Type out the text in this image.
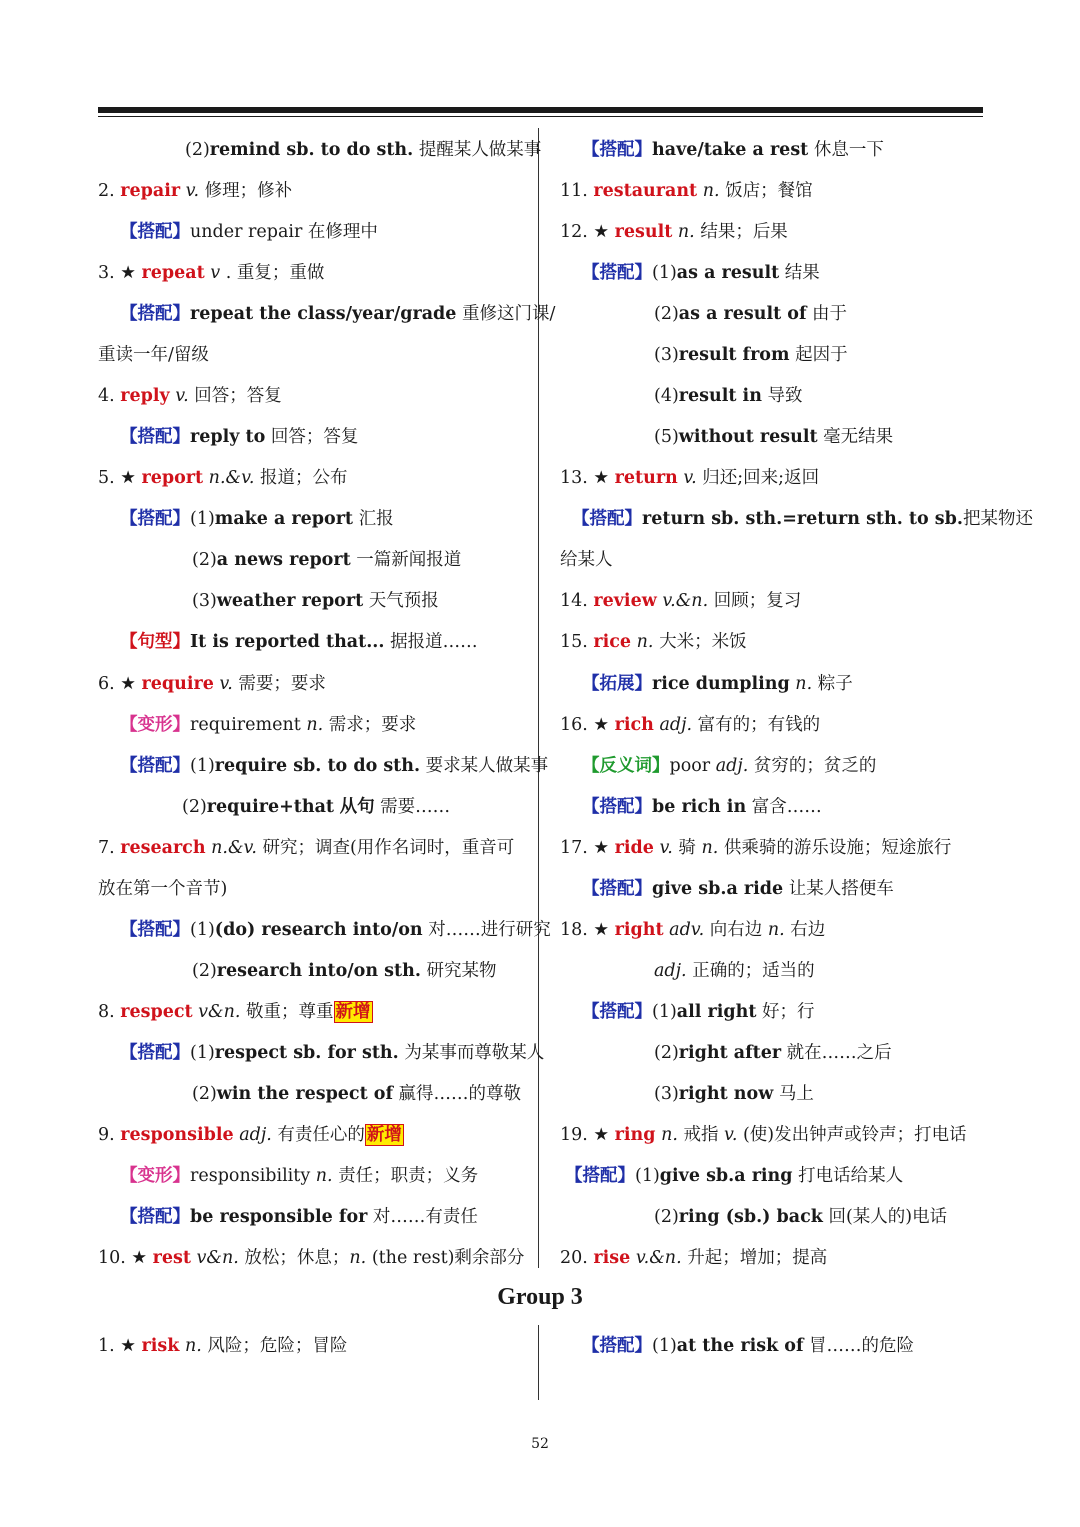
(2)remind sb. to do sth. 提醒某人做某事
2. repair v. 修理；修补
【搭配】under repair 在修理中
3. ★ repeat v . 重复；重做
【搭配】repeat the class/year/grade 重修这门课/
重读一年/留级
4. reply v. 回答；答复
【搭配】reply to 回答；答复
5. ★ report n.&v. 报道；公布
【搭配】(1)make a report 汇报
(2)a news report 一篇新闻报道
(3)weather report 天气预报
【句型】It is reported that... 据报道……
6. ★ require v. 需要；要求
【变形】requirement n. 需求；要求
【搭配】(1)require sb. to do sth. 要求某人做某事
(2)require+that 从句 需要……
7. research n.&v. 研究；调查(用作名词时，重音可
放在第一个音节)
【搭配】(1)(do) research into/on 对……进行研究
(2)research into/on sth. 研究某物
8. respect v&n. 敬重；尊重 新增
【搭配】(1)respect sb. for sth. 为某事而尊敬某人
(2)win the respect of 赢得……的尊敬
9. responsible adj. 有责任心的 新增
【变形】responsibility n. 责任；职责；义务
【搭配】be responsible for 对……有责任
10. ★ rest v&n. 放松；休息；n. (the rest)剩余部分
【搭配】have/take a rest 休息一下
11. restaurant n. 饭店；餐馆
12. ★ result n. 结果；后果
【搭配】(1)as a result 结果
(2)as a result of 由于
(3)result from 起因于
(4)result in 导致
(5)without result 毫无结果
13. ★ return v. 归还;回来;返回
【搭配】return sb. sth.=return sth. to sb.把某物还
给某人
14. review v.&n. 回顾；复习
15. rice n. 大米；米饭
【拓展】rice dumpling n. 粽子
16. ★ rich adj. 富有的；有钱的
【反义词】poor adj. 贫穷的；贫乏的
【搭配】be rich in 富含……
17. ★ ride v. 骑 n. 供乘骑的游乐设施；短途旅行
【搭配】give sb.a ride 让某人搭便车
18. ★ right adv. 向右边 n. 右边
adj. 正确的；适当的
【搭配】(1)all right 好；行
(2)right after 就在……之后
(3)right now 马上
19. ★ ring n. 戒指 v. (使)发出钟声或铃声；打电话
【搭配】(1)give sb.a ring 打电话给某人
(2)ring (sb.) back 回(某人的)电话
20. rise v.&n. 升起；增加；提高
Group 3
1. ★ risk n. 风险；危险；冒险	【搭配】(1)at the risk of 冒……的危险
52
